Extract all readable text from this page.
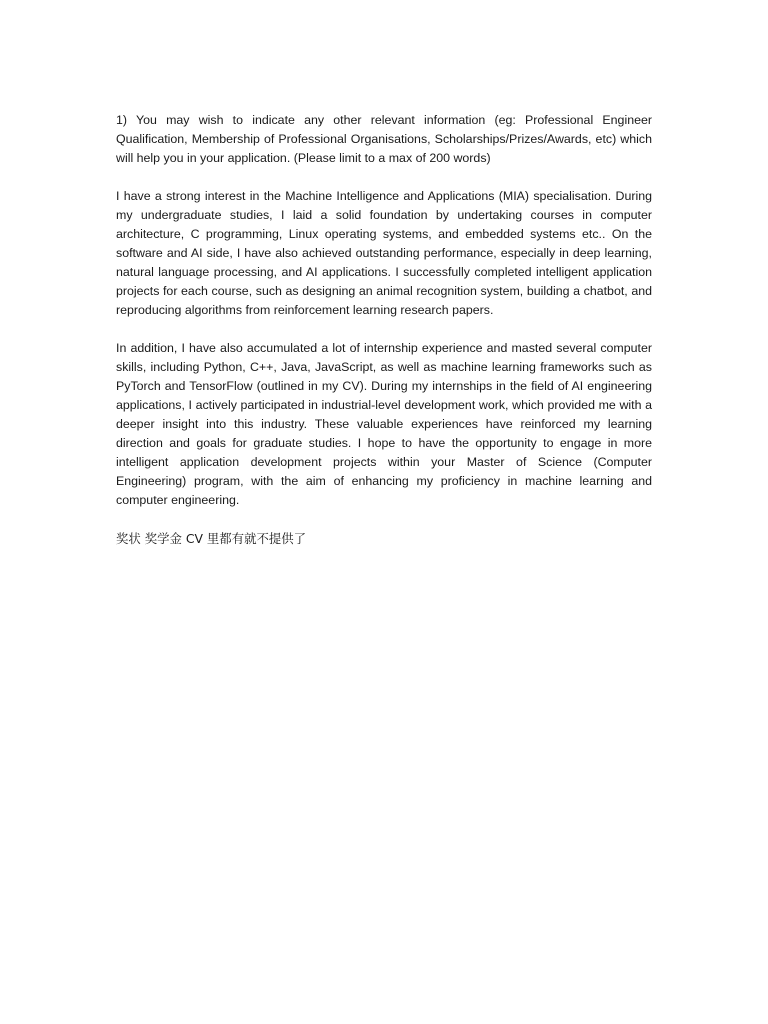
1) You may wish to indicate any other relevant information (eg: Professional Engineer Qualification, Membership of Professional Organisations, Scholarships/Prizes/Awards, etc) which will help you in your application. (Please limit to a max of 200 words)

I have a strong interest in the Machine Intelligence and Applications (MIA) specialisation. During my undergraduate studies, I laid a solid foundation by undertaking courses in computer architecture, C programming, Linux operating systems, and embedded systems etc.. On the software and AI side, I have also achieved outstanding performance, especially in deep learning, natural language processing, and AI applications. I successfully completed intelligent application projects for each course, such as designing an animal recognition system, building a chatbot, and reproducing algorithms from reinforcement learning research papers.

In addition, I have also accumulated a lot of internship experience and masted several computer skills, including Python, C++, Java, JavaScript, as well as machine learning frameworks such as PyTorch and TensorFlow (outlined in my CV). During my internships in the field of AI engineering applications, I actively participated in industrial-level development work, which provided me with a deeper insight into this industry. These valuable experiences have reinforced my learning direction and goals for graduate studies. I hope to have the opportunity to engage in more intelligent application development projects within your Master of Science (Computer Engineering) program, with the aim of enhancing my proficiency in machine learning and computer engineering.

奖状 奖学金 CV 里都有就不提供了
